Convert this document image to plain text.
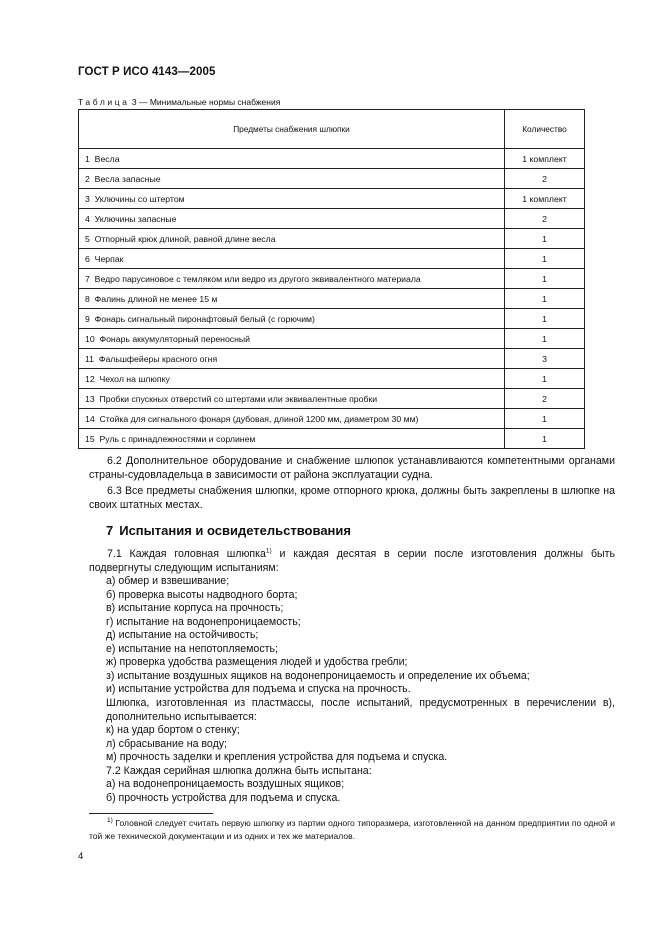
ГОСТ Р ИСО 4143—2005
Таблица 3 — Минимальные нормы снабжения
Предметы снабжения шлюпки	Количество
1 Весла	1 комплект
2 Весла запасные	2
3 Уключины со штертом	1 комплект
4 Уключины запасные	2
5 Отпорный крюк длиной, равной длине весла	1
6 Черпак	1
7 Ведро парусиновое с темляком или ведро из другого эквивалентного материала	1
8 Фалинь длиной не менее 15 м	1
9 Фонарь сигнальный пиронафтовый белый (с горючим)	1
10 Фонарь аккумуляторный переносный	1
11 Фальшфейеры красного огня	3
12 Чехол на шлюпку	1
13 Пробки спускных отверстий со штертами или эквивалентные пробки	2
14 Стойка для сигнального фонаря (дубовая, длиной 1200 мм, диаметром 30 мм)	1
15 Руль с принадлежностями и сорлинем	1

6.2 Дополнительное оборудование и снабжение шлюпок устанавливаются компетентными органами страны-судовладельца в зависимости от района эксплуатации судна.

6.3 Все предметы снабжения шлюпки, кроме отпорного крюка, должны быть закреплены в шлюпке на своих штатных местах.

7 Испытания и освидетельствования

7.1 Каждая головная шлюпка$^{1)}$ и каждая десятая в серии после изготовления должны быть подвергнуты следующим испытаниям:

а) обмер и взвешивание;
б) проверка высоты надводного борта;
в) испытание корпуса на прочность;
г) испытание на водонепроницаемость;
д) испытание на остойчивость;
е) испытание на непотопляемость;
ж) проверка удобства размещения людей и удобства гребли;
з) испытание воздушных ящиков на водонепроницаемость и определение их объема;
и) испытание устройства для подъема и спуска на прочность.

Шлюпка, изготовленная из пластмассы, после испытаний, предусмотренных в перечислении в), дополнительно испытывается:

к) на удар бортом о стенку;
л) сбрасывание на воду;
м) прочность заделки и крепления устройства для подъема и спуска.
7.2 Каждая серийная шлюпка должна быть испытана:
а) на водонепроницаемость воздушных ящиков;
б) прочность устройства для подъема и спуска.

$^{1)}$ Головной следует считать первую шлюпку из партии одного типоразмера, изготовленной на данном предприятии по одной и той же технической документации и из одних и тех же материалов.

4
